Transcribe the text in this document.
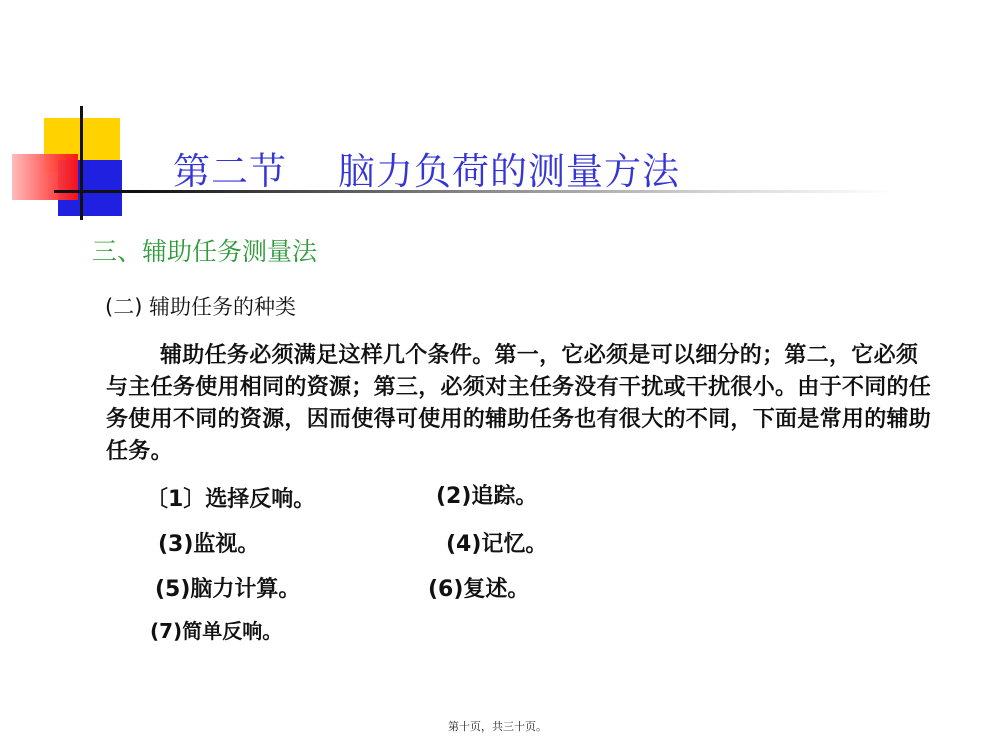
第二节    脑力负荷的测量方法
三、辅助任务测量法
(二) 辅助任务的种类
辅助任务必须满足这样几个条件。第一，它必须是可以细分的；第二，它必须与主任务使用相同的资源；第三，必须对主任务没有干扰或干扰很小。由于不同的任务使用不同的资源，因而使得可使用的辅助任务也有很大的不同，下面是常用的辅助任务。
〔1〕选择反响。	(2)追踪。
(3)监视。	(4)记忆。
(5)脑力计算。	(6)复述。
(7)简单反响。
第十页，共三十页。
